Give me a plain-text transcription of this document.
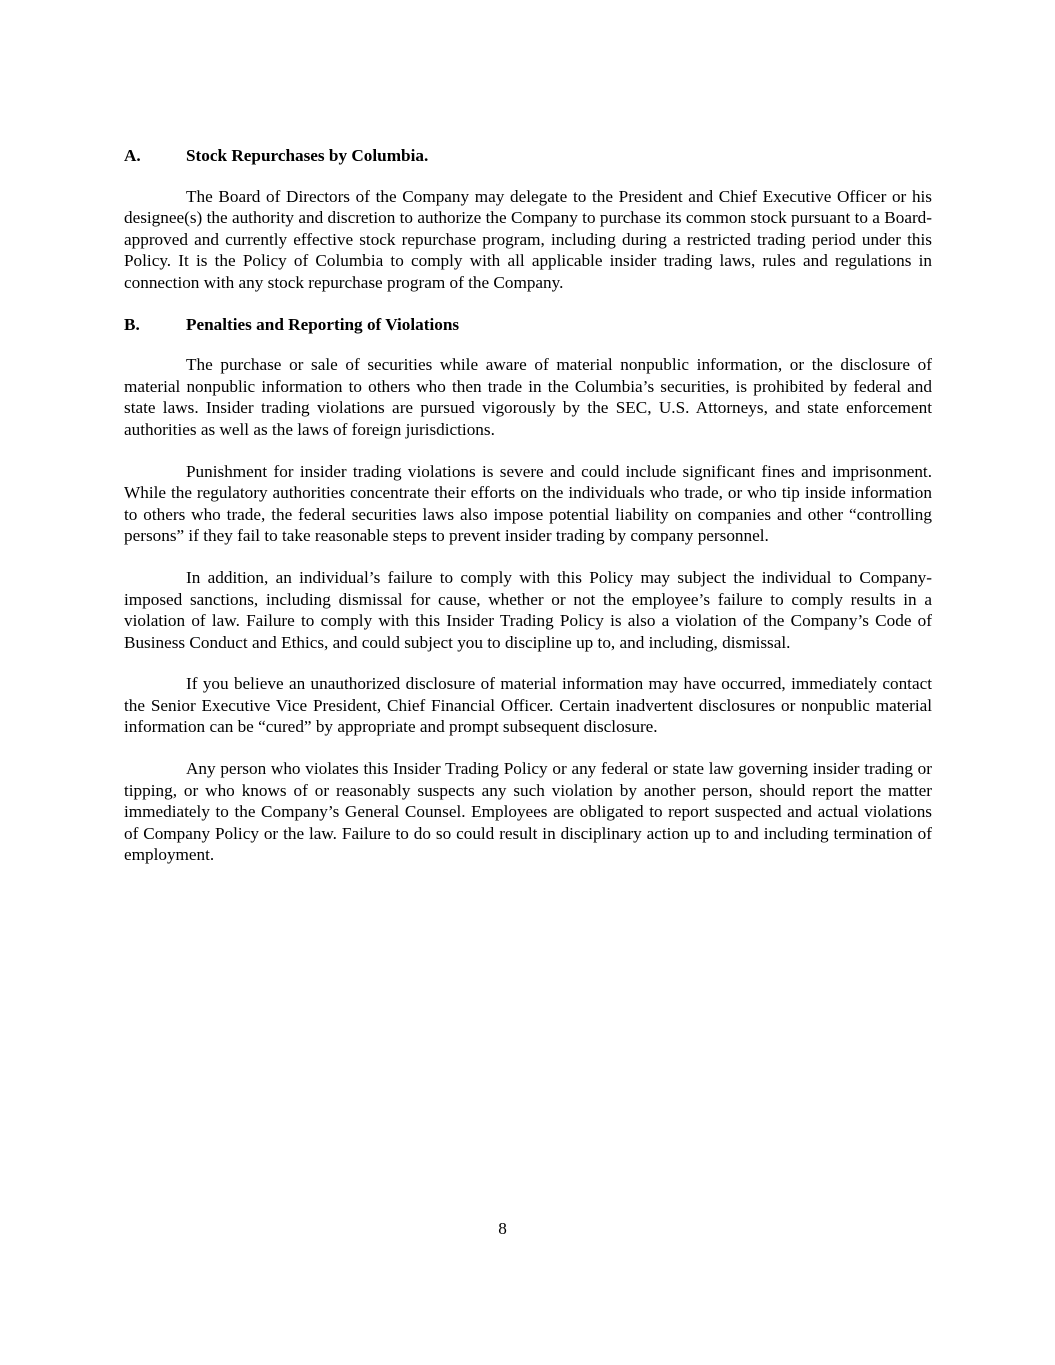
A.	Stock Repurchases by Columbia.

The Board of Directors of the Company may delegate to the President and Chief Executive Officer or his designee(s) the authority and discretion to authorize the Company to purchase its common stock pursuant to a Board-approved and currently effective stock repurchase program, including during a restricted trading period under this Policy. It is the Policy of Columbia to comply with all applicable insider trading laws, rules and regulations in connection with any stock repurchase program of the Company.

B.	Penalties and Reporting of Violations

The purchase or sale of securities while aware of material nonpublic information, or the disclosure of material nonpublic information to others who then trade in the Columbia’s securities, is prohibited by federal and state laws. Insider trading violations are pursued vigorously by the SEC, U.S. Attorneys, and state enforcement authorities as well as the laws of foreign jurisdictions.

Punishment for insider trading violations is severe and could include significant fines and imprisonment. While the regulatory authorities concentrate their efforts on the individuals who trade, or who tip inside information to others who trade, the federal securities laws also impose potential liability on companies and other “controlling persons” if they fail to take reasonable steps to prevent insider trading by company personnel.

In addition, an individual’s failure to comply with this Policy may subject the individual to Company-imposed sanctions, including dismissal for cause, whether or not the employee’s failure to comply results in a violation of law. Failure to comply with this Insider Trading Policy is also a violation of the Company’s Code of Business Conduct and Ethics, and could subject you to discipline up to, and including, dismissal.

If you believe an unauthorized disclosure of material information may have occurred, immediately contact the Senior Executive Vice President, Chief Financial Officer. Certain inadvertent disclosures or nonpublic material information can be “cured” by appropriate and prompt subsequent disclosure.

Any person who violates this Insider Trading Policy or any federal or state law governing insider trading or tipping, or who knows of or reasonably suspects any such violation by another person, should report the matter immediately to the Company’s General Counsel. Employees are obligated to report suspected and actual violations of Company Policy or the law. Failure to do so could result in disciplinary action up to and including termination of employment.

8
